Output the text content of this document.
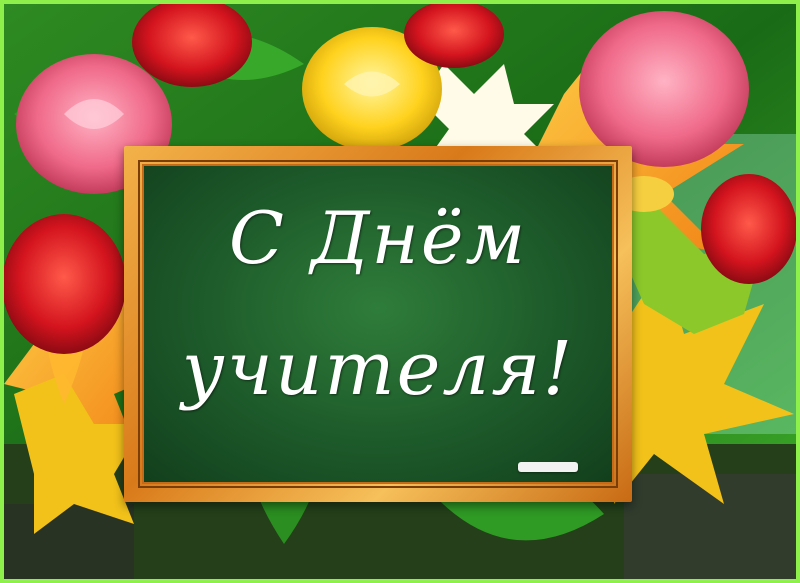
С Днём
учителя!
